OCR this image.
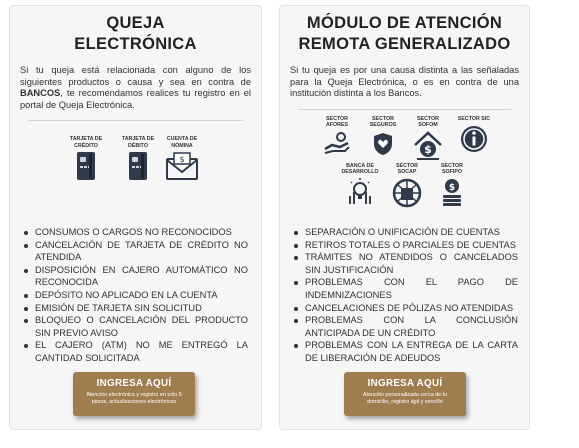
QUEJA
ELECTRÓNICA
Si tu queja está relacionada con alguno de los siguientes productos o causa y sea en contra de BANCOS, te recomendamos realices tu registro en el portal de Queja Electrónica.
TARJETA DE CRÉDITO
TARJETA DE DÉBITO
CUENTA DE NÓMINA
$
CONSUMOS O CARGOS NO RECONOCIDOS
CANCELACIÓN DE TARJETA DE CRÉDITO NO ATENDIDA
DISPOSICIÓN EN CAJERO AUTOMÁTICO NO RECONOCIDA
DEPÓSITO NO APLICADO EN LA CUENTA
EMISIÓN DE TARJETA SIN SOLICITUD
BLOQUEO O CANCELACIÓN DEL PRODUCTO SIN PREVIO AVISO
EL CAJERO (ATM) NO ME ENTREGÓ LA CANTIDAD SOLICITADA
INGRESA AQUÍ
Atención electrónica y registro en sólo 5 pasos, actualizaciones electrónicas
MÓDULO DE ATENCIÓN
REMOTA GENERALIZADO
Si tu queja es por una causa distinta a las señaladas para la Queja Electrónica, o es en contra de una institución distinta a los Bancos.
SECTOR AFORES
SECTOR SEGUROS
SECTOR SOFOM
$
SECTOR SIC
BANCA DE DESARROLLO
SECTOR SOCAP
SECTOR SOFIPO
$
SEPARACIÓN O UNIFICACIÓN DE CUENTAS
RETIROS TOTALES O PARCIALES DE CUENTAS
TRÁMITES NO ATENDIDOS O CANCELADOS SIN JUSTIFICACIÓN
PROBLEMAS CON EL PAGO DE INDEMNIZACIONES
CANCELACIONES DE PÓLIZAS NO ATENDIDAS
PROBLEMAS CON LA CONCLUSIÓN ANTICIPADA DE UN CRÉDITO
PROBLEMAS CON LA ENTREGA DE LA CARTA DE LIBERACIÓN DE ADEUDOS
INGRESA AQUÍ
Atención personalizada cerca de tu domicilio, registro ágil y sencillo
